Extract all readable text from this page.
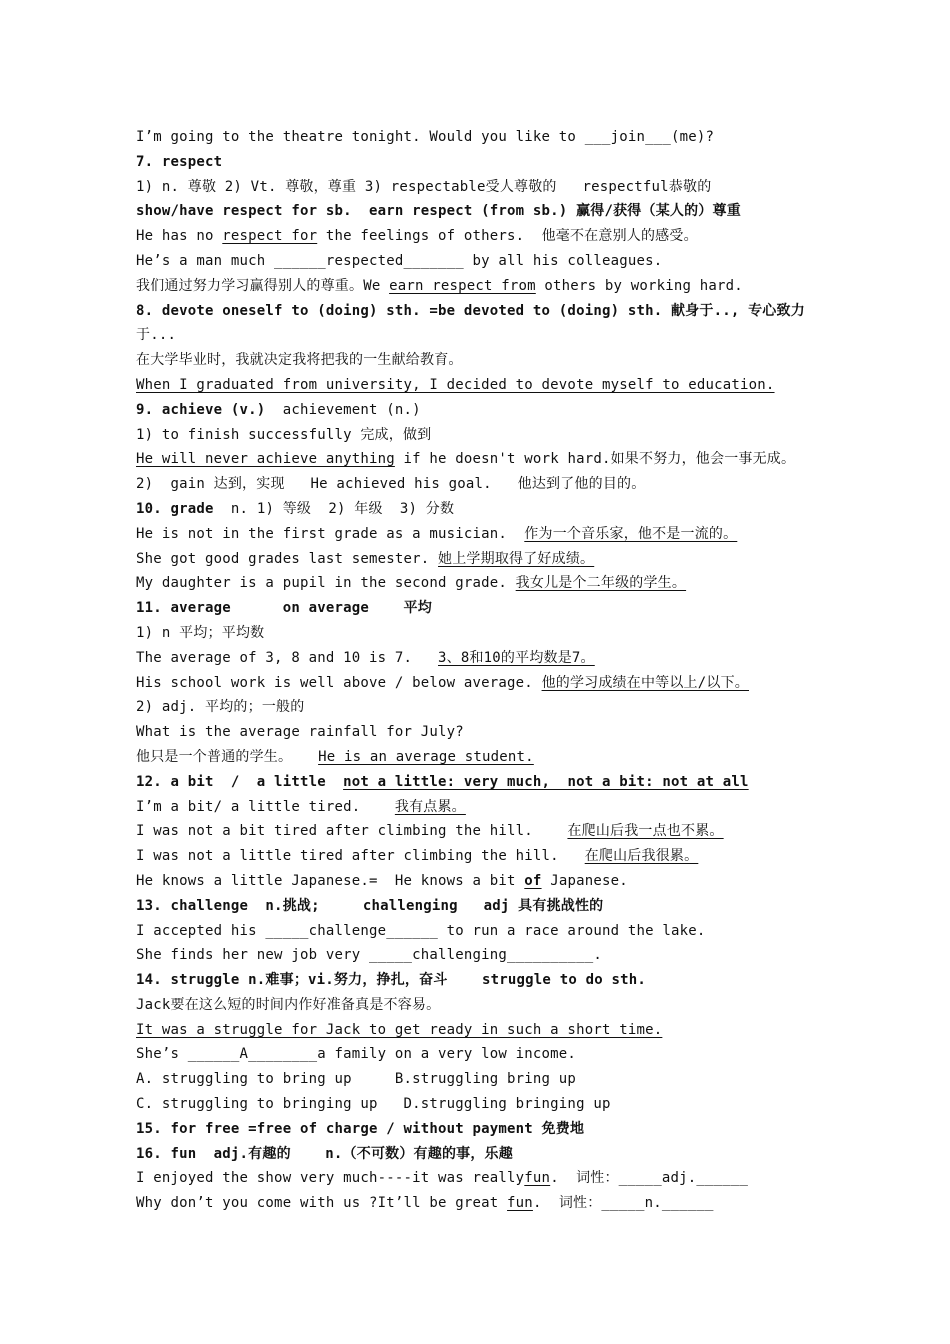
I’m going to the theatre tonight. Would you like to ___join___(me)?
7. respect
1) n. 尊敬 2) Vt. 尊敬，尊重 3) respectable受人尊敬的   respectful恭敬的
show/have respect for sb.  earn respect (from sb.) 赢得/获得（某人的）尊重
He has no respect for the feelings of others.  他毫不在意别人的感受。
He’s a man much ______respected_______ by all his colleagues.
我们通过努力学习赢得别人的尊重。We earn respect from others by working hard.
8. devote oneself to (doing) sth. =be devoted to (doing) sth. 献身于.., 专心致力
于...
在大学毕业时，我就决定我将把我的一生献给教育。
When I graduated from university, I decided to devote myself to education.
9. achieve (v.)  achievement (n.)
1) to finish successfully 完成，做到
He will never achieve anything if he doesn't work hard.如果不努力，他会一事无成。
2)  gain 达到，实现   He achieved his goal.   他达到了他的目的。
10. grade  n. 1) 等级  2) 年级  3) 分数
He is not in the first grade as a musician.  作为一个音乐家，他不是一流的。
She got good grades last semester. 她上学期取得了好成绩。
My daughter is a pupil in the second grade. 我女儿是个二年级的学生。
11. average      on average    平均
1) n 平均；平均数
The average of 3, 8 and 10 is 7.   3、8和10的平均数是7。
His school work is well above / below average. 他的学习成绩在中等以上/以下。
2) adj. 平均的；一般的
What is the average rainfall for July?
他只是一个普通的学生。   He is an average student.
12. a bit  /  a little  not a little: very much,  not a bit: not at all
I’m a bit/ a little tired.    我有点累。
I was not a bit tired after climbing the hill.    在爬山后我一点也不累。
I was not a little tired after climbing the hill.   在爬山后我很累。
He knows a little Japanese.=  He knows a bit of Japanese.
13. challenge  n.挑战;     challenging   adj 具有挑战性的
I accepted his _____challenge______ to run a race around the lake.
She finds her new job very _____challenging__________.
14. struggle n.难事；vi.努力，挣扎，奋斗    struggle to do sth.
Jack要在这么短的时间内作好准备真是不容易。
It was a struggle for Jack to get ready in such a short time.
She’s ______A________a family on a very low income.
A. struggling to bring up     B.struggling bring up
C. struggling to bringing up   D.struggling bringing up
15. for free =free of charge / without payment 免费地
16. fun  adj.有趣的    n.（不可数）有趣的事，乐趣
I enjoyed the show very much----it was reallyfun.  词性：_____adj.______
Why don’t you come with us ?It’ll be great fun.  词性：_____n.______
